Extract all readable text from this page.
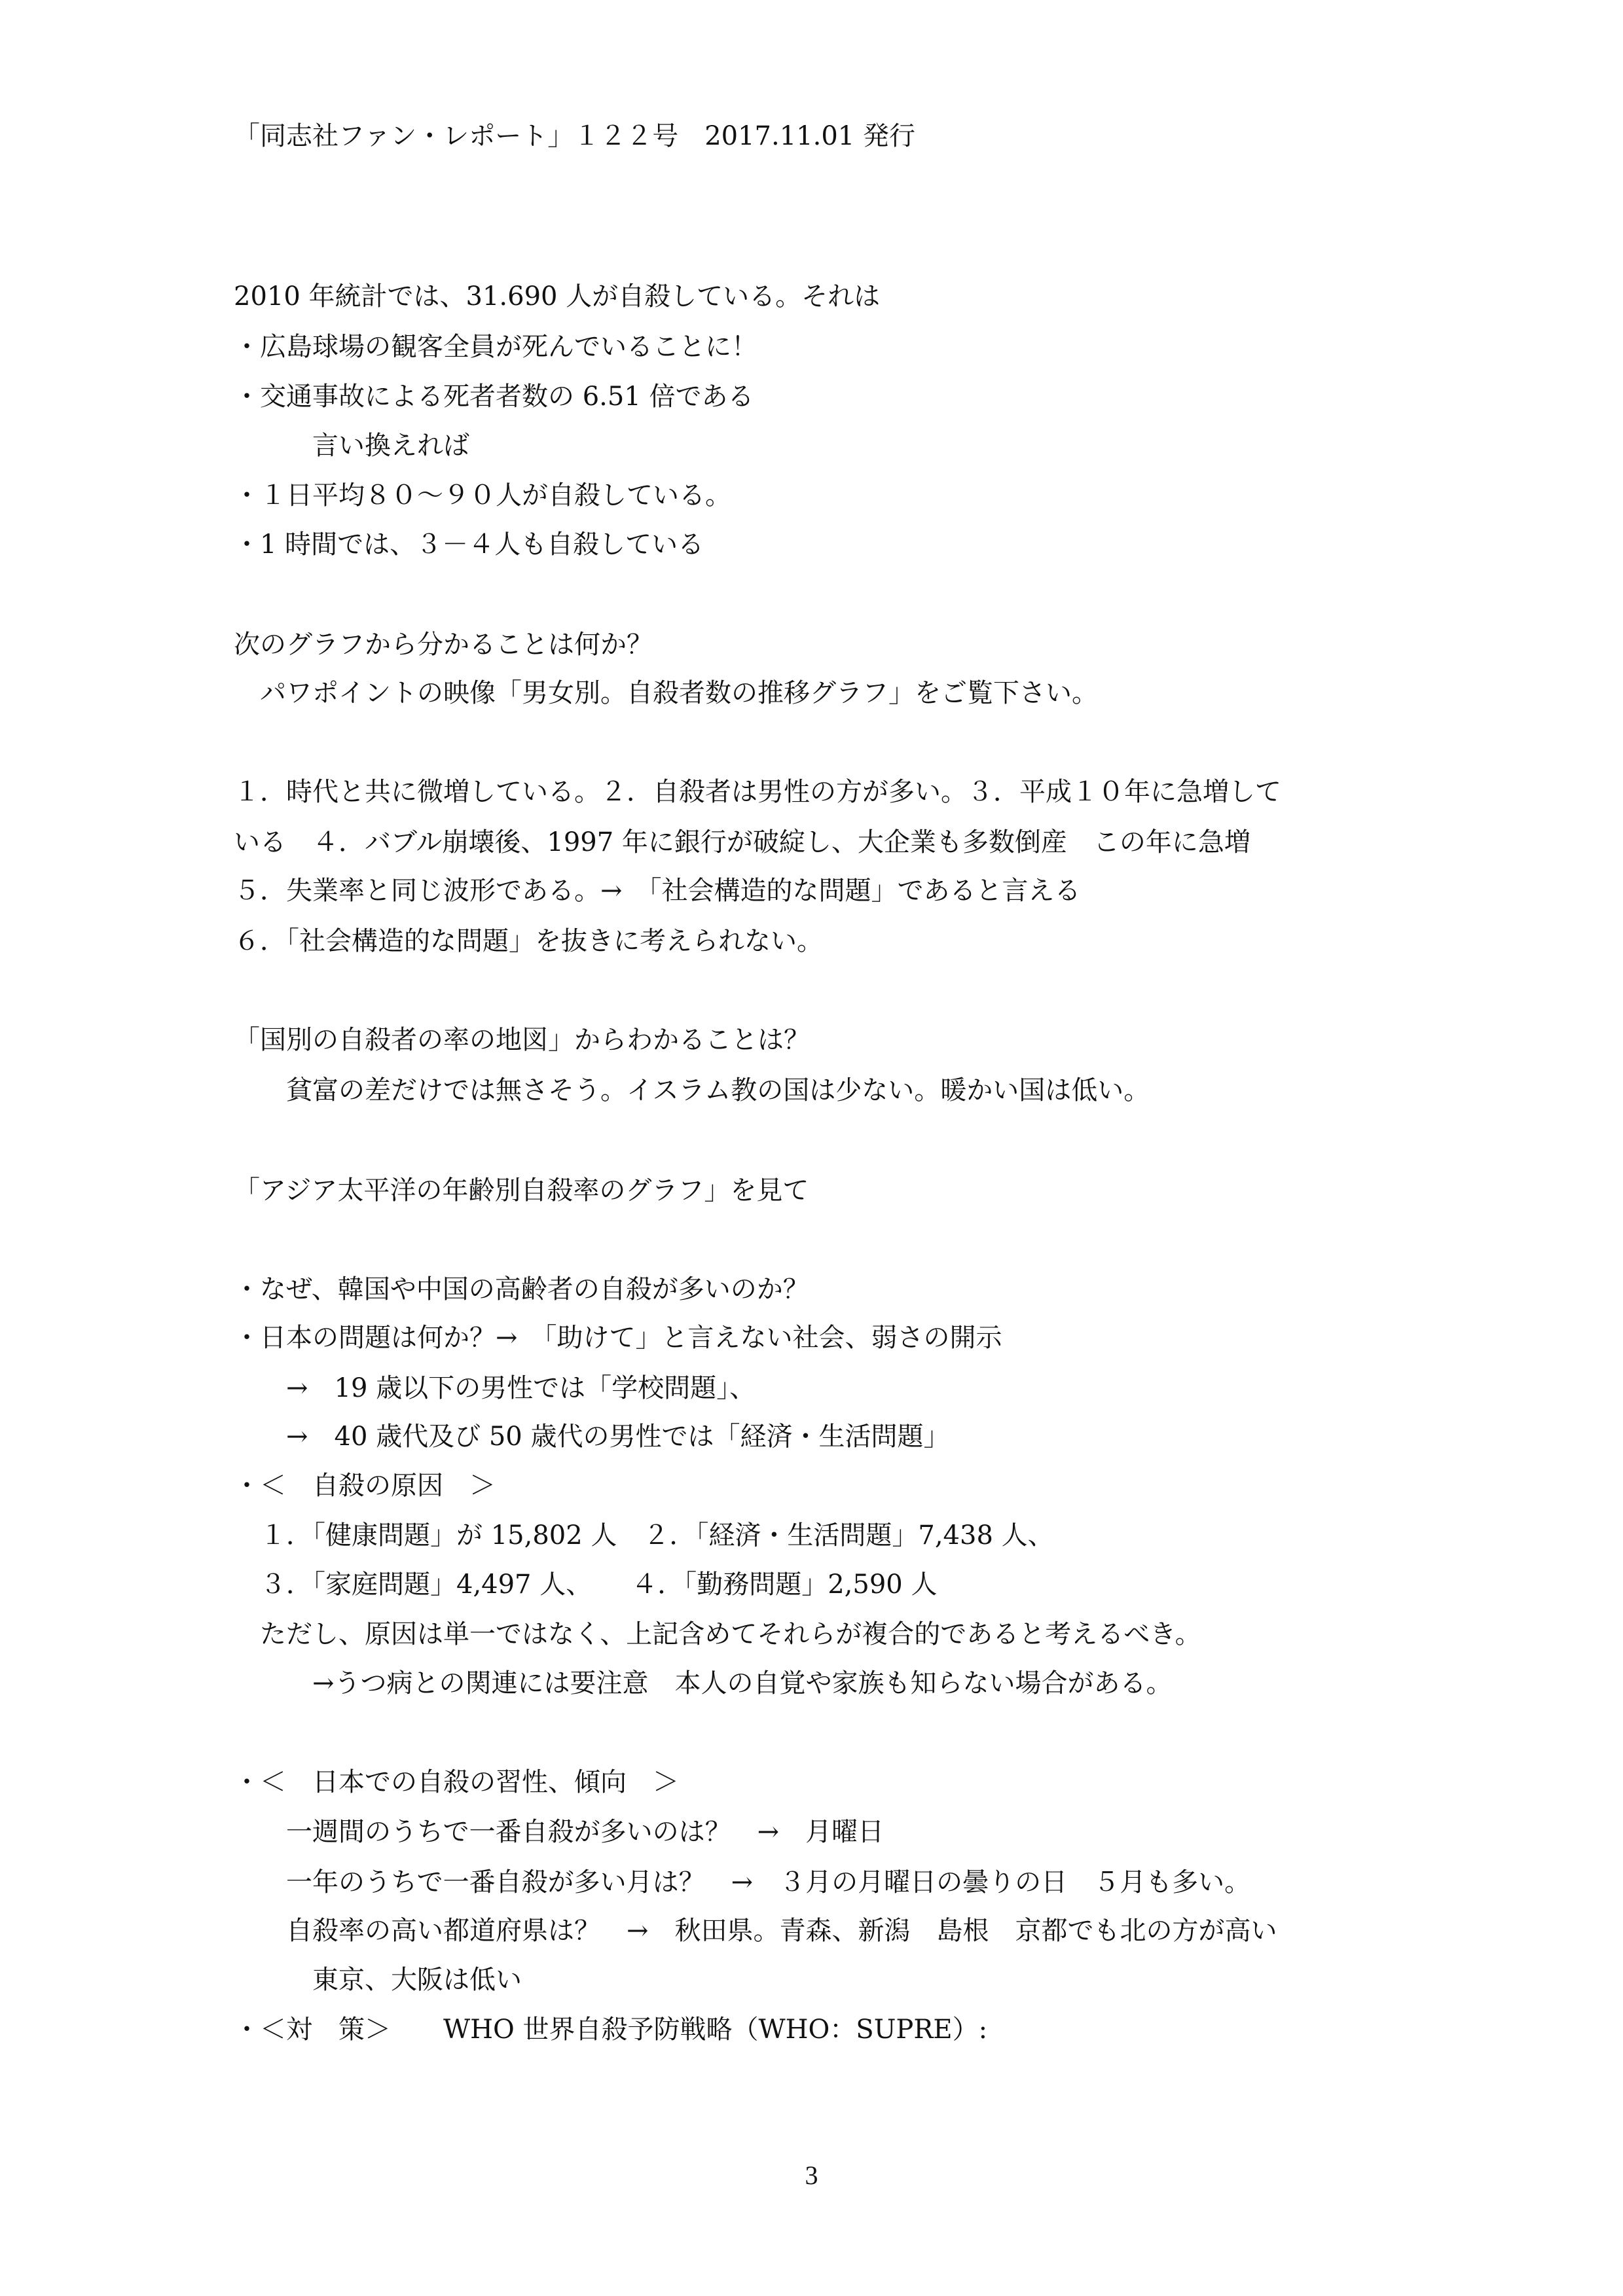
「同志社ファン・レポート」１２２号　2017.11.01 発行
2010 年統計では、31.690 人が自殺している。それは
・広島球場の観客全員が死んでいることに！
・交通事故による死者者数の 6.51 倍である
　　　言い換えれば
・１日平均８０～９０人が自殺している。
・1 時間では、３－４人も自殺している
次のグラフから分かることは何か？
　パワポイントの映像「男女別。自殺者数の推移グラフ」をご覧下さい。
１．時代と共に微増している。２．自殺者は男性の方が多い。３．平成１０年に急増して
いる　４．バブル崩壊後、1997 年に銀行が破綻し、大企業も多数倒産　この年に急増
５．失業率と同じ波形である。→　「社会構造的な問題」であると言える
６．「社会構造的な問題」を抜きに考えられない。
「国別の自殺者の率の地図」からわかることは？
　　貧富の差だけでは無さそう。イスラム教の国は少ない。暖かい国は低い。
「アジア太平洋の年齢別自殺率のグラフ」を見て
・なぜ、韓国や中国の高齢者の自殺が多いのか？
・日本の問題は何か？→　「助けて」と言えない社会、弱さの開示
　　→　19 歳以下の男性では「学校問題」、
　　→　40 歳代及び 50 歳代の男性では「経済・生活問題」
・＜　自殺の原因　＞
　１．「健康問題」が 15,802 人　２．「経済・生活問題」7,438 人、
　３．「家庭問題」4,497 人、　　４．「勤務問題」2,590 人
　ただし、原因は単一ではなく、上記含めてそれらが複合的であると考えるべき。
　　　→うつ病との関連には要注意　本人の自覚や家族も知らない場合がある。
・＜　日本での自殺の習性、傾向　＞
　　一週間のうちで一番自殺が多いのは？　→　月曜日
　　一年のうちで一番自殺が多い月は？　→　３月の月曜日の曇りの日　５月も多い。
　　自殺率の高い都道府県は？　→　秋田県。青森、新潟　島根　京都でも北の方が高い
　　　東京、大阪は低い
・＜対　策＞　　WHO 世界自殺予防戦略（WHO：SUPRE）:
3
